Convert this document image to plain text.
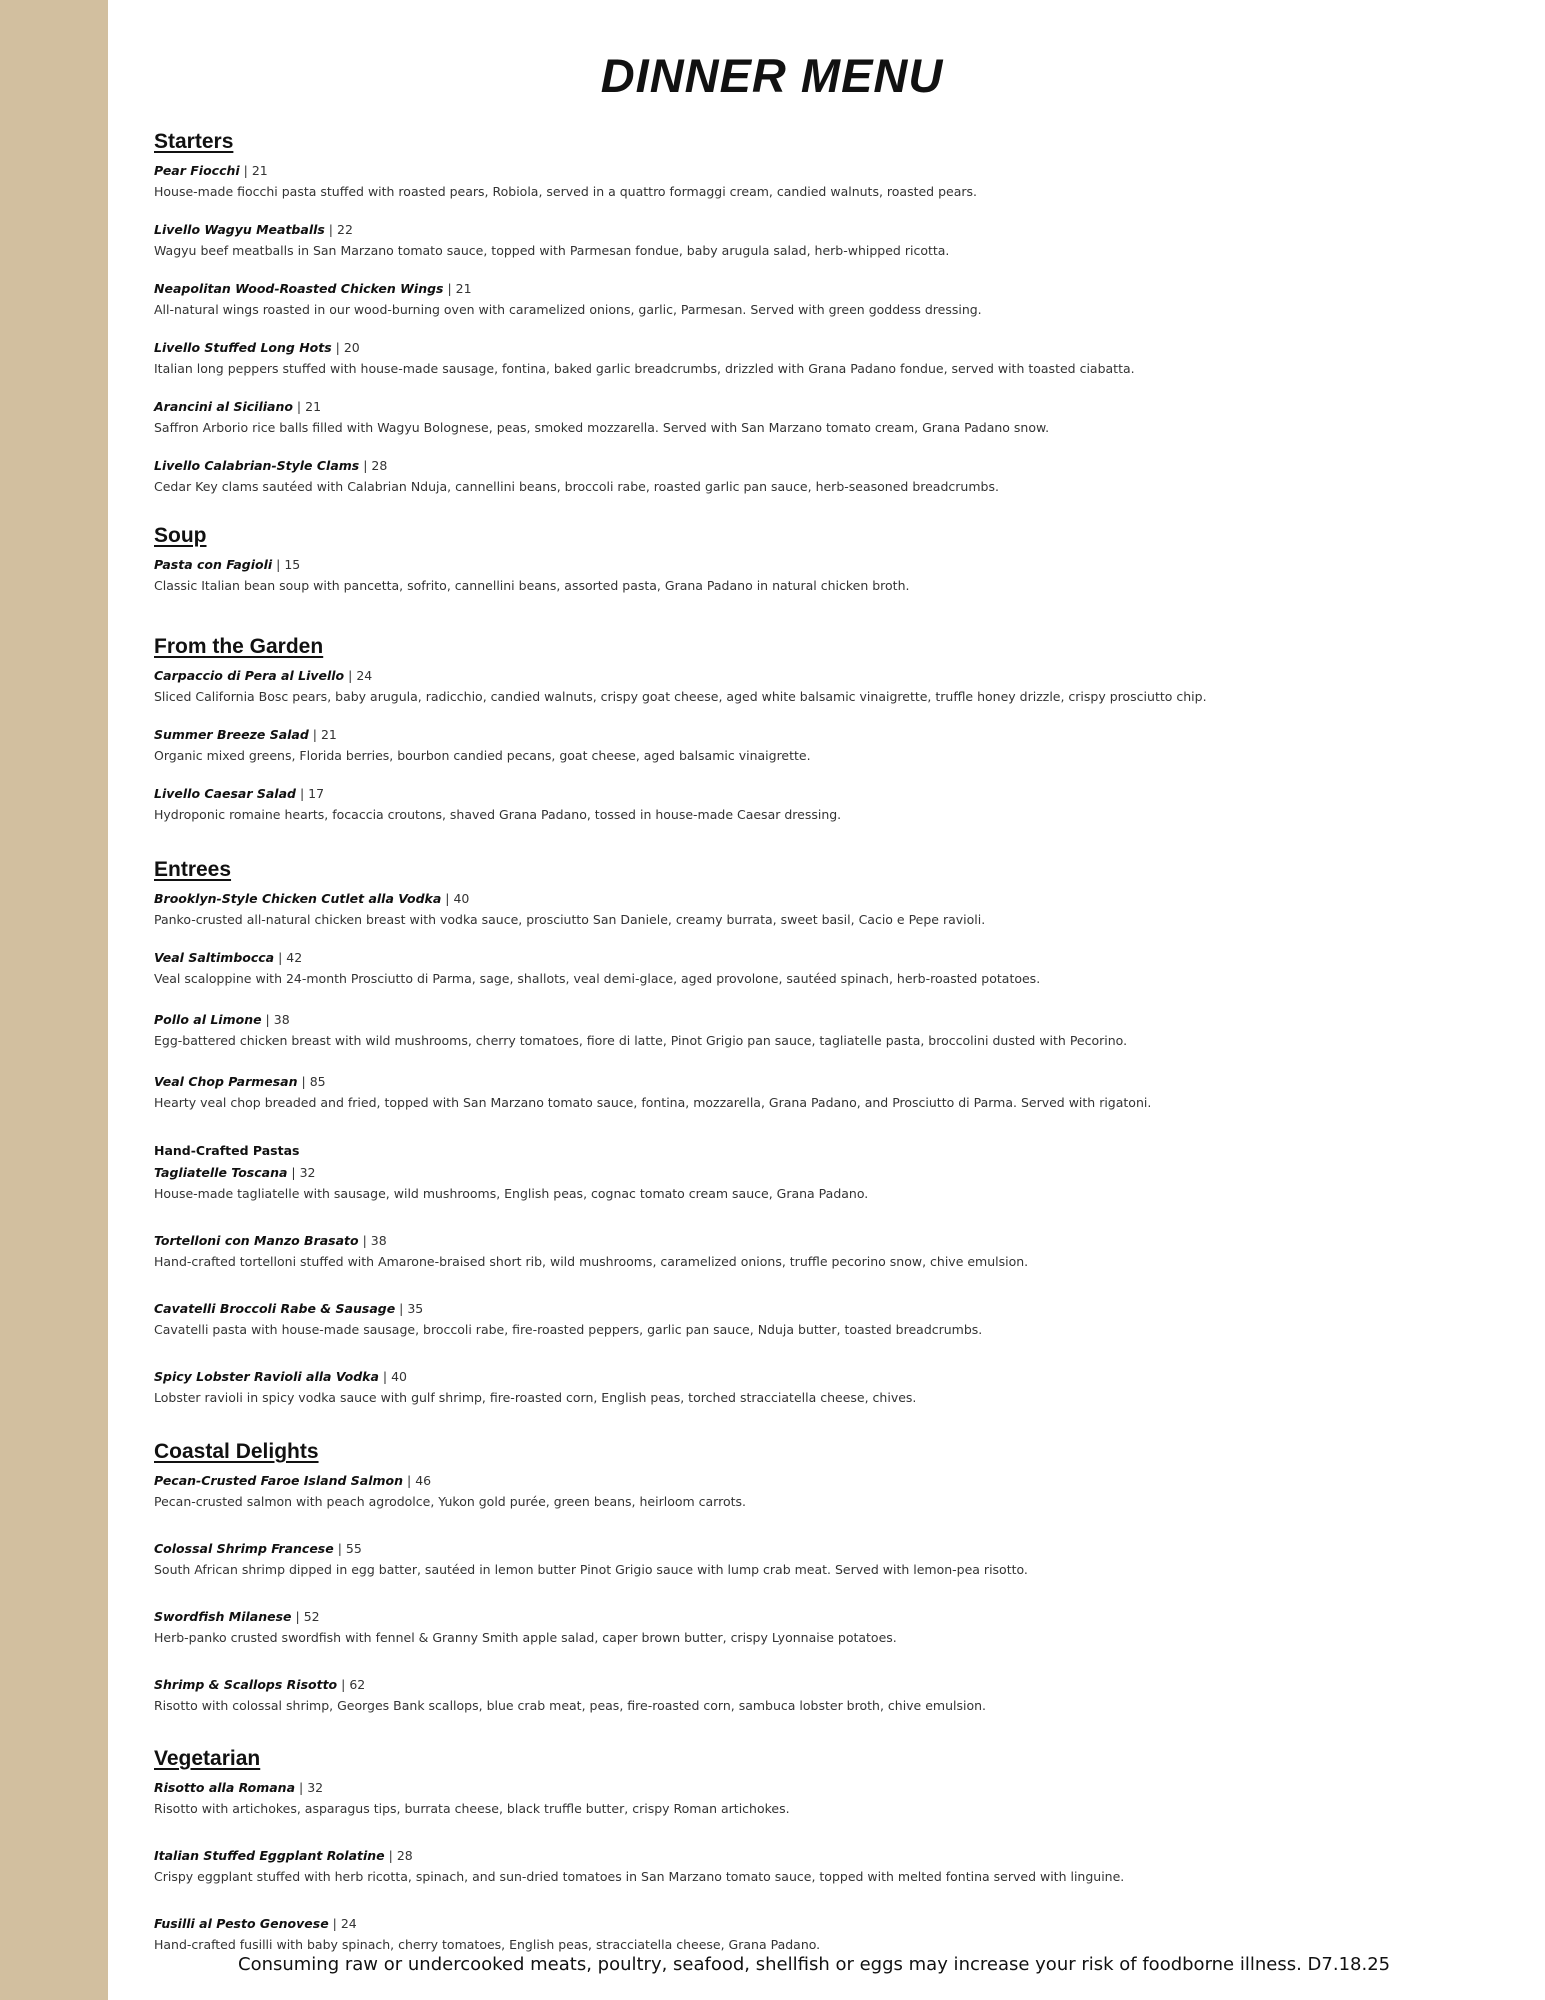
DINNER MENU
Starters
Pear Fiocchi | 21
House-made fiocchi pasta stuffed with roasted pears, Robiola, served in a quattro formaggi cream, candied walnuts, roasted pears.
Livello Wagyu Meatballs | 22
Wagyu beef meatballs in San Marzano tomato sauce, topped with Parmesan fondue, baby arugula salad, herb-whipped ricotta.
Neapolitan Wood-Roasted Chicken Wings | 21
All-natural wings roasted in our wood-burning oven with caramelized onions, garlic, Parmesan. Served with green goddess dressing.
Livello Stuffed Long Hots | 20
Italian long peppers stuffed with house-made sausage, fontina, baked garlic breadcrumbs, drizzled with Grana Padano fondue, served with toasted ciabatta.
Arancini al Siciliano | 21
Saffron Arborio rice balls filled with Wagyu Bolognese, peas, smoked mozzarella. Served with San Marzano tomato cream, Grana Padano snow.
Livello Calabrian-Style Clams | 28
Cedar Key clams sautéed with Calabrian Nduja, cannellini beans, broccoli rabe, roasted garlic pan sauce, herb-seasoned breadcrumbs.
Soup
Pasta con Fagioli | 15
Classic Italian bean soup with pancetta, sofrito, cannellini beans, assorted pasta, Grana Padano in natural chicken broth.
From the Garden
Carpaccio di Pera al Livello | 24
Sliced California Bosc pears, baby arugula, radicchio, candied walnuts, crispy goat cheese, aged white balsamic vinaigrette, truffle honey drizzle, crispy prosciutto chip.
Summer Breeze Salad | 21
Organic mixed greens, Florida berries, bourbon candied pecans, goat cheese, aged balsamic vinaigrette.
Livello Caesar Salad | 17
Hydroponic romaine hearts, focaccia croutons, shaved Grana Padano, tossed in house-made Caesar dressing.
Entrees
Brooklyn-Style Chicken Cutlet alla Vodka | 40
Panko-crusted all-natural chicken breast with vodka sauce, prosciutto San Daniele, creamy burrata, sweet basil, Cacio e Pepe ravioli.
Veal Saltimbocca | 42
Veal scaloppine with 24-month Prosciutto di Parma, sage, shallots, veal demi-glace, aged provolone, sautéed spinach, herb-roasted potatoes.
Pollo al Limone | 38
Egg-battered chicken breast with wild mushrooms, cherry tomatoes, fiore di latte, Pinot Grigio pan sauce, tagliatelle pasta, broccolini dusted with Pecorino.
Veal Chop Parmesan | 85
Hearty veal chop breaded and fried, topped with San Marzano tomato sauce, fontina, mozzarella, Grana Padano, and Prosciutto di Parma. Served with rigatoni.
Hand-Crafted Pastas
Tagliatelle Toscana | 32
House-made tagliatelle with sausage, wild mushrooms, English peas, cognac tomato cream sauce, Grana Padano.
Tortelloni con Manzo Brasato | 38
Hand-crafted tortelloni stuffed with Amarone-braised short rib, wild mushrooms, caramelized onions, truffle pecorino snow, chive emulsion.
Cavatelli Broccoli Rabe & Sausage | 35
Cavatelli pasta with house-made sausage, broccoli rabe, fire-roasted peppers, garlic pan sauce, Nduja butter, toasted breadcrumbs.
Spicy Lobster Ravioli alla Vodka | 40
Lobster ravioli in spicy vodka sauce with gulf shrimp, fire-roasted corn, English peas, torched stracciatella cheese, chives.
Coastal Delights
Pecan-Crusted Faroe Island Salmon | 46
Pecan-crusted salmon with peach agrodolce, Yukon gold purée, green beans, heirloom carrots.
Colossal Shrimp Francese | 55
South African shrimp dipped in egg batter, sautéed in lemon butter Pinot Grigio sauce with lump crab meat. Served with lemon-pea risotto.
Swordfish Milanese | 52
Herb-panko crusted swordfish with fennel & Granny Smith apple salad, caper brown butter, crispy Lyonnaise potatoes.
Shrimp & Scallops Risotto | 62
Risotto with colossal shrimp, Georges Bank scallops, blue crab meat, peas, fire-roasted corn, sambuca lobster broth, chive emulsion.
Vegetarian
Risotto alla Romana | 32
Risotto with artichokes, asparagus tips, burrata cheese, black truffle butter, crispy Roman artichokes.
Italian Stuffed Eggplant Rolatine | 28
Crispy eggplant stuffed with herb ricotta, spinach, and sun-dried tomatoes in San Marzano tomato sauce, topped with melted fontina served with linguine.
Fusilli al Pesto Genovese | 24
Hand-crafted fusilli with baby spinach, cherry tomatoes, English peas, stracciatella cheese, Grana Padano.
Consuming raw or undercooked meats, poultry, seafood, shellfish or eggs may increase your risk of foodborne illness. D7.18.25
